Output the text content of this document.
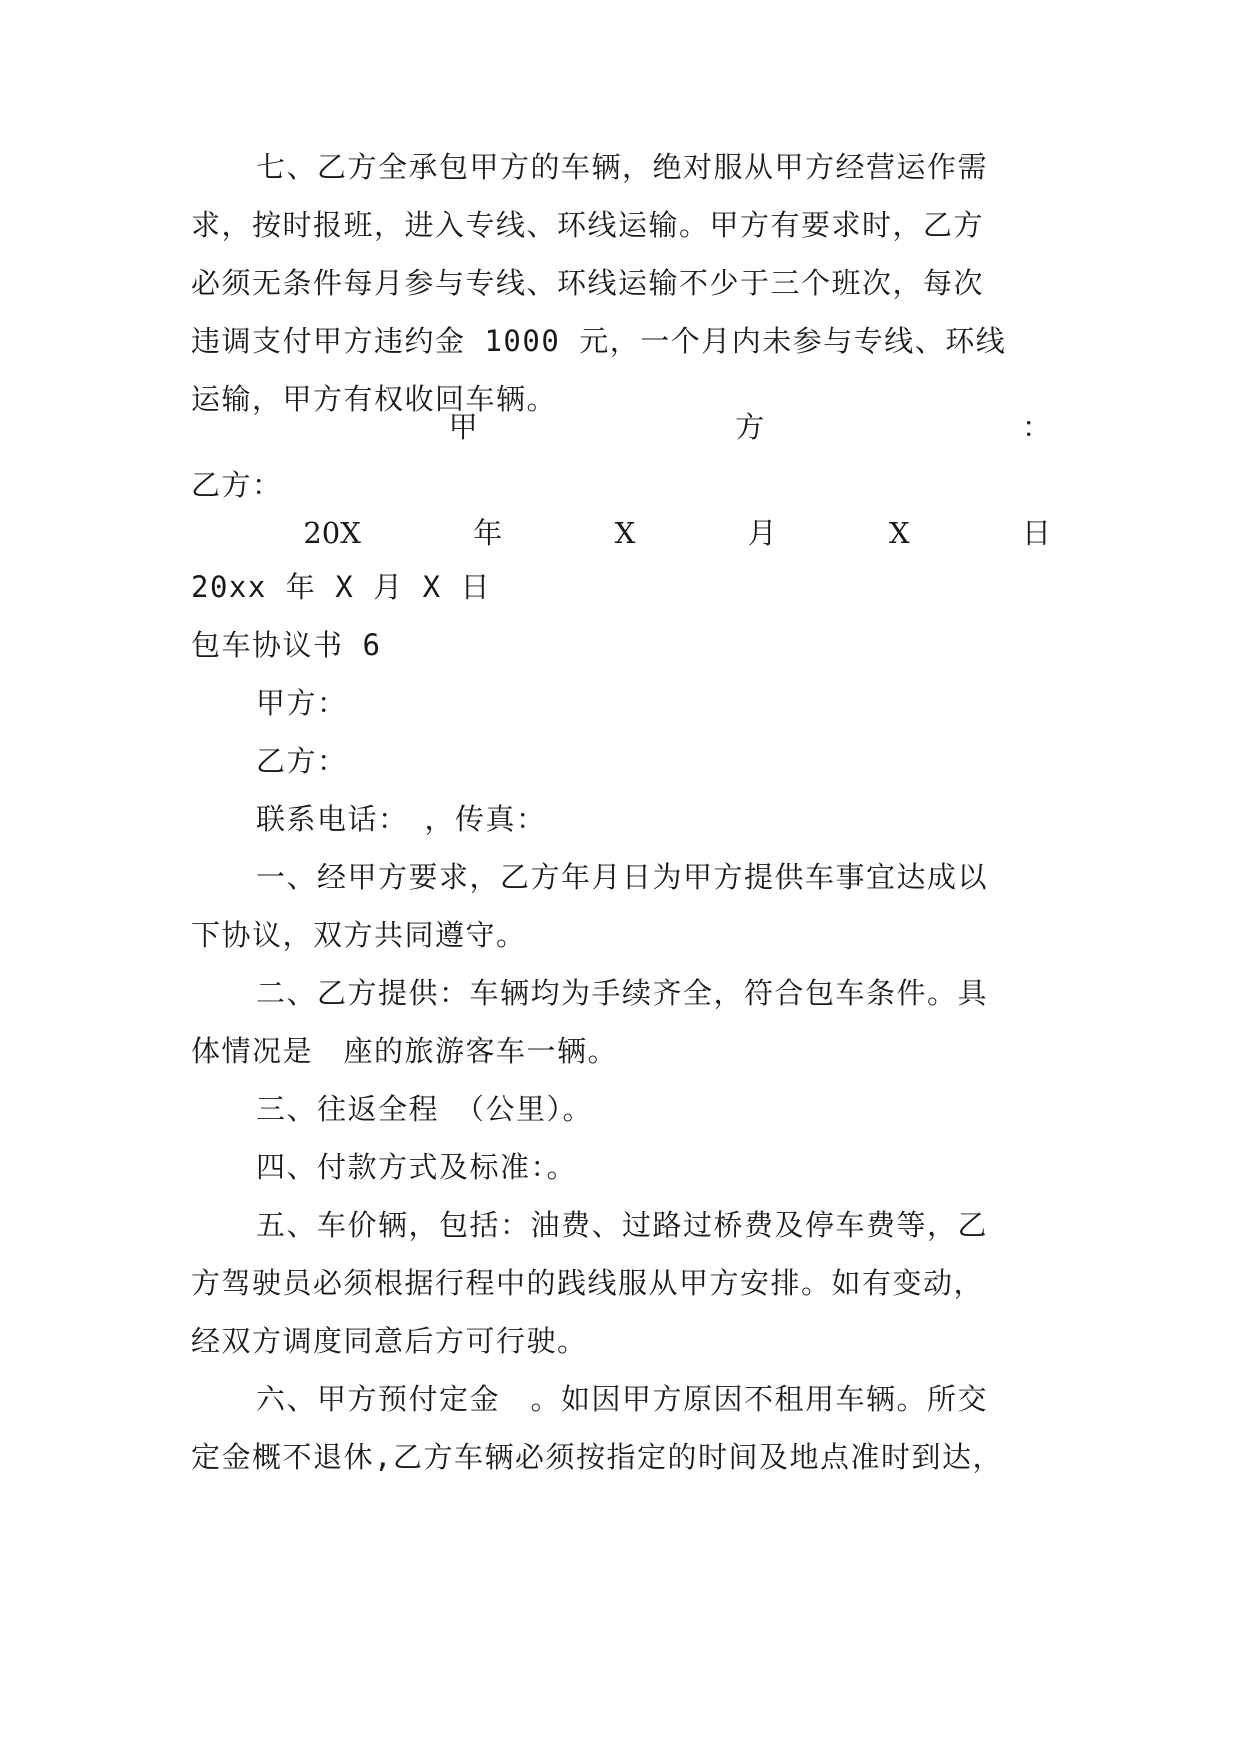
七、乙方全承包甲方的车辆，绝对服从甲方经营运作需
求，按时报班，进入专线、环线运输。甲方有要求时，乙方
必须无条件每月参与专线、环线运输不少于三个班次，每次
违调支付甲方违约金 1000 元，一个月内未参与专线、环线
运输，甲方有权收回车辆。
甲	方	：
乙方：
20X	年	X	月	X	日
20xx 年 X 月 X 日
包车协议书 6
甲方：
乙方：
联系电话：　，传真：
一、经甲方要求，乙方年月日为甲方提供车事宜达成以
下协议，双方共同遵守。
二、乙方提供：车辆均为手续齐全，符合包车条件。具
体情况是　座的旅游客车一辆。
三、往返全程　（公里）。
四、付款方式及标准：。
五、车价辆，包括：油费、过路过桥费及停车费等，乙
方驾驶员必须根据行程中的践线服从甲方安排。如有变动，
经双方调度同意后方可行驶。
六、甲方预付定金　。如因甲方原因不租用车辆。所交
定金概不退休,乙方车辆必须按指定的时间及地点准时到达，
